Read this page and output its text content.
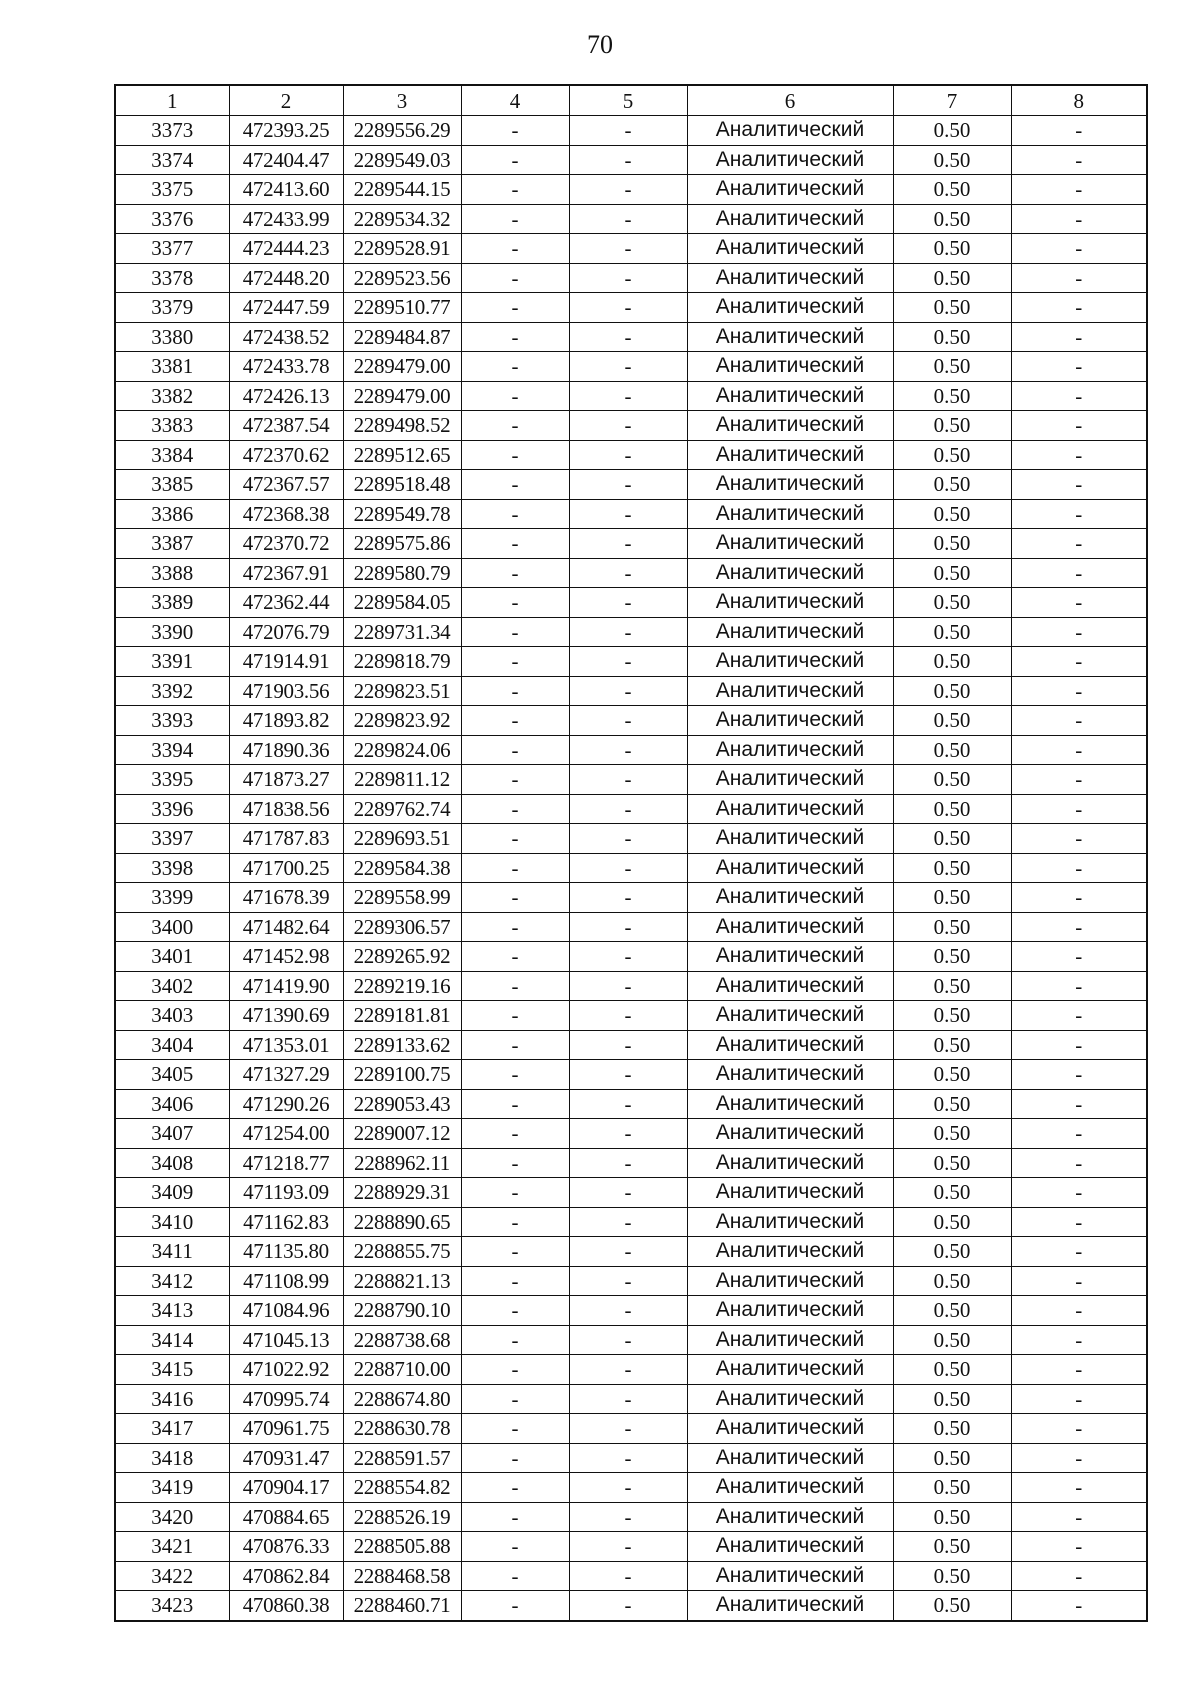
70
1	2	3	4	5	6	7	8
3373	472393.25	2289556.29	-	-	Аналитический	0.50	-
3374	472404.47	2289549.03	-	-	Аналитический	0.50	-
3375	472413.60	2289544.15	-	-	Аналитический	0.50	-
3376	472433.99	2289534.32	-	-	Аналитический	0.50	-
3377	472444.23	2289528.91	-	-	Аналитический	0.50	-
3378	472448.20	2289523.56	-	-	Аналитический	0.50	-
3379	472447.59	2289510.77	-	-	Аналитический	0.50	-
3380	472438.52	2289484.87	-	-	Аналитический	0.50	-
3381	472433.78	2289479.00	-	-	Аналитический	0.50	-
3382	472426.13	2289479.00	-	-	Аналитический	0.50	-
3383	472387.54	2289498.52	-	-	Аналитический	0.50	-
3384	472370.62	2289512.65	-	-	Аналитический	0.50	-
3385	472367.57	2289518.48	-	-	Аналитический	0.50	-
3386	472368.38	2289549.78	-	-	Аналитический	0.50	-
3387	472370.72	2289575.86	-	-	Аналитический	0.50	-
3388	472367.91	2289580.79	-	-	Аналитический	0.50	-
3389	472362.44	2289584.05	-	-	Аналитический	0.50	-
3390	472076.79	2289731.34	-	-	Аналитический	0.50	-
3391	471914.91	2289818.79	-	-	Аналитический	0.50	-
3392	471903.56	2289823.51	-	-	Аналитический	0.50	-
3393	471893.82	2289823.92	-	-	Аналитический	0.50	-
3394	471890.36	2289824.06	-	-	Аналитический	0.50	-
3395	471873.27	2289811.12	-	-	Аналитический	0.50	-
3396	471838.56	2289762.74	-	-	Аналитический	0.50	-
3397	471787.83	2289693.51	-	-	Аналитический	0.50	-
3398	471700.25	2289584.38	-	-	Аналитический	0.50	-
3399	471678.39	2289558.99	-	-	Аналитический	0.50	-
3400	471482.64	2289306.57	-	-	Аналитический	0.50	-
3401	471452.98	2289265.92	-	-	Аналитический	0.50	-
3402	471419.90	2289219.16	-	-	Аналитический	0.50	-
3403	471390.69	2289181.81	-	-	Аналитический	0.50	-
3404	471353.01	2289133.62	-	-	Аналитический	0.50	-
3405	471327.29	2289100.75	-	-	Аналитический	0.50	-
3406	471290.26	2289053.43	-	-	Аналитический	0.50	-
3407	471254.00	2289007.12	-	-	Аналитический	0.50	-
3408	471218.77	2288962.11	-	-	Аналитический	0.50	-
3409	471193.09	2288929.31	-	-	Аналитический	0.50	-
3410	471162.83	2288890.65	-	-	Аналитический	0.50	-
3411	471135.80	2288855.75	-	-	Аналитический	0.50	-
3412	471108.99	2288821.13	-	-	Аналитический	0.50	-
3413	471084.96	2288790.10	-	-	Аналитический	0.50	-
3414	471045.13	2288738.68	-	-	Аналитический	0.50	-
3415	471022.92	2288710.00	-	-	Аналитический	0.50	-
3416	470995.74	2288674.80	-	-	Аналитический	0.50	-
3417	470961.75	2288630.78	-	-	Аналитический	0.50	-
3418	470931.47	2288591.57	-	-	Аналитический	0.50	-
3419	470904.17	2288554.82	-	-	Аналитический	0.50	-
3420	470884.65	2288526.19	-	-	Аналитический	0.50	-
3421	470876.33	2288505.88	-	-	Аналитический	0.50	-
3422	470862.84	2288468.58	-	-	Аналитический	0.50	-
3423	470860.38	2288460.71	-	-	Аналитический	0.50	-
